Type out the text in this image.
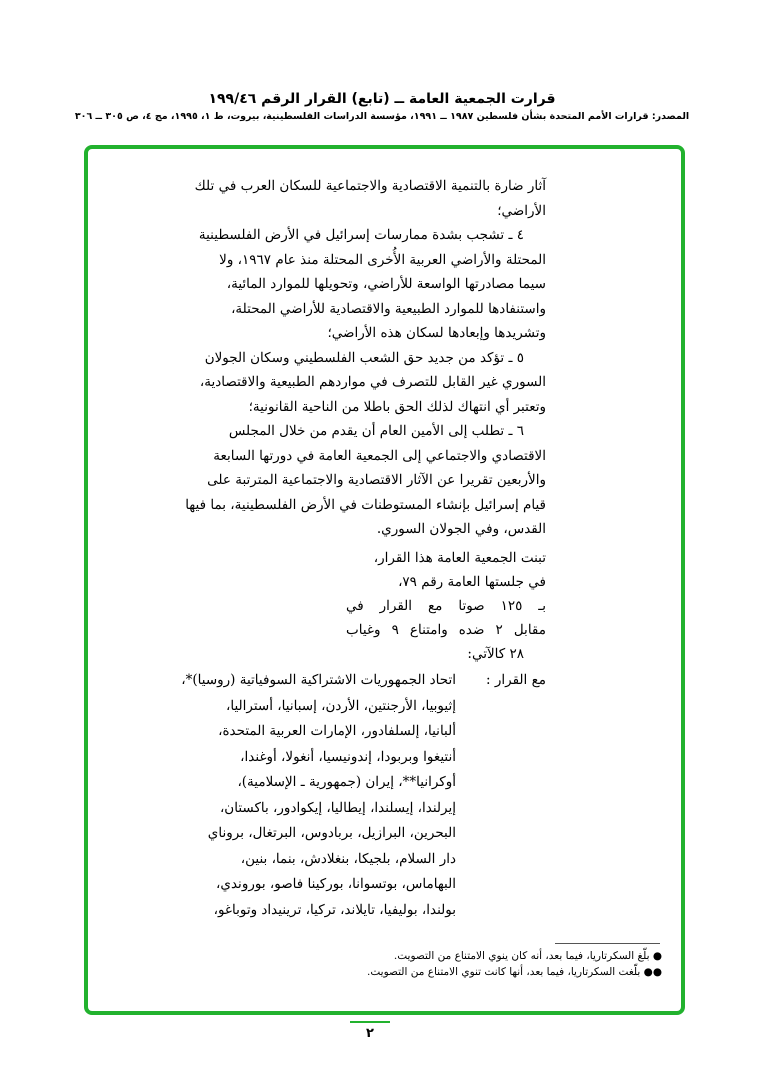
قرارت الجمعية العامة ــ (تابع) القرار الرقم ١٩٩/٤٦
المصدر: قرارات الأمم المتحدة بشأن فلسطين ١٩٨٧ ــ ١٩٩١، مؤسسة الدراسات الفلسطينية، بيروت، ط ١، ١٩٩٥، مج ٤، ص ٣٠٥ ــ ٣٠٦
آثار ضارة بالتنمية الاقتصادية والاجتماعية للسكان العرب في تلك
الأراضي؛
٤ ـ تشجب بشدة ممارسات إسرائيل في الأرض الفلسطينية
المحتلة والأراضي العربية الأُخرى المحتلة منذ عام ١٩٦٧، ولا
سيما مصادرتها الواسعة للأراضي، وتحويلها للموارد المائية،
واستنفادها للموارد الطبيعية والاقتصادية للأراضي المحتلة،
وتشريدها وإبعادها لسكان هذه الأراضي؛
٥ ـ تؤكد من جديد حق الشعب الفلسطيني وسكان الجولان
السوري غير القابل للتصرف في مواردهم الطبيعية والاقتصادية،
وتعتبر أي انتهاك لذلك الحق باطلا من الناحية القانونية؛
٦ ـ تطلب إلى الأمين العام أن يقدم من خلال المجلس
الاقتصادي والاجتماعي إلى الجمعية العامة في دورتها السابعة
والأربعين تقريرا عن الآثار الاقتصادية والاجتماعية المترتبة على
قيام إسرائيل بإنشاء المستوطنات في الأرض الفلسطينية، بما فيها
القدس، وفي الجولان السوري.
تبنت الجمعية العامة هذا القرار،
في جلستها العامة رقم ٧٩،
بـ ١٢٥ صوتا مع القرار في
مقابل ٢ ضده وامتناع ٩ وغياب
٢٨ كالآتي:
مع القرار :
اتحاد الجمهوريات الاشتراكية السوفياتية (روسيا)*،
إثيوبيا، الأرجنتين، الأردن، إسبانيا، أستراليا،
ألبانيا، إلسلفادور، الإمارات العربية المتحدة،
أنتيغوا وبربودا، إندونيسيا، أنغولا، أوغندا،
أوكرانيا**، إيران (جمهورية ـ الإسلامية)،
إيرلندا، إيسلندا، إيطاليا، إيكوادور، باكستان،
البحرين، البرازيل، بربادوس، البرتغال، بروناي
دار السلام، بلجيكا، بنغلادش، بنما، بنين،
البهاماس، بوتسوانا، بوركينا فاصو، بوروندي،
بولندا، بوليفيا، تايلاند، تركيا، ترينيداد وتوباغو،
● بلّغ السكرتاريا، فيما بعد، أنه كان ينوي الامتناع من التصويت.
●● بلّغت السكرتاريا، فيما بعد، أنها كانت تنوي الامتناع من التصويت.
٢
